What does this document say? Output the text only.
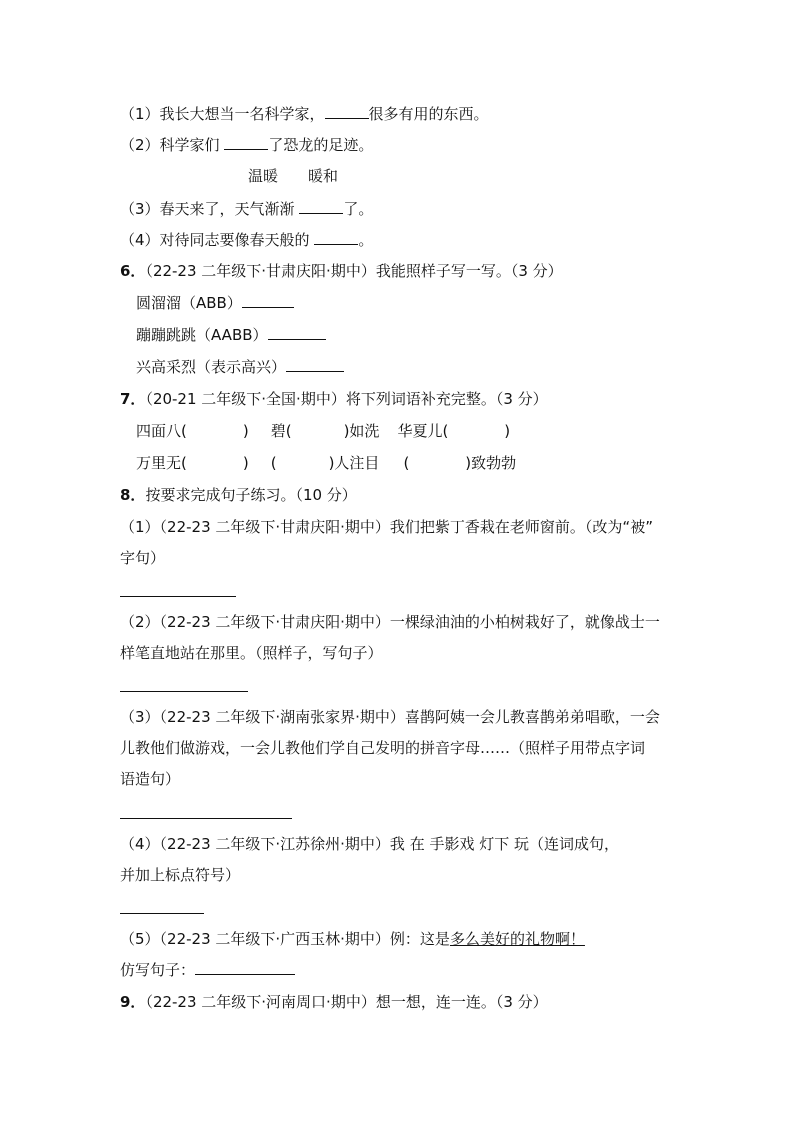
（1）我长大想当一名科学家，	很多有用的东西。
（2）科学家们	了恐龙的足迹。
温暖 暖和
（3）春天来了，天气渐渐	了。
（4）对待同志要像春天般的	。
6．（22-23 二年级下·甘肃庆阳·期中）我能照样子写一写。（3 分）
圆溜溜（ABB）
蹦蹦跳跳（AABB）
兴高采烈（表示高兴）
7．（20-21 二年级下·全国·期中）将下列词语补充完整。（3 分）
四面八(	) 碧(	)如洗 华夏儿(	)
万里无(	) (	)人注目 (	)致勃勃
8．按要求完成句子练习。（10 分）
（1）（22-23 二年级下·甘肃庆阳·期中）我们把紫丁香栽在老师窗前。（改为“被”
字句）
（2）（22-23 二年级下·甘肃庆阳·期中）一棵绿油油的小柏树栽好了，就像战士一
样笔直地站在那里。（照样子，写句子）
（3）（22-23 二年级下·湖南张家界·期中）喜鹊阿姨一会儿教喜鹊弟弟唱歌，一会
儿教他们做游戏，一会儿教他们学自己发明的拼音字母……（照样子用带点字词
语造句）
（4）（22-23 二年级下·江苏徐州·期中）我 在 手影戏 灯下 玩（连词成句，
并加上标点符号）
（5）（22-23 二年级下·广西玉林·期中）例：这是多么美好的礼物啊！
仿写句子：
9．（22-23 二年级下·河南周口·期中）想一想，连一连。（3 分）
